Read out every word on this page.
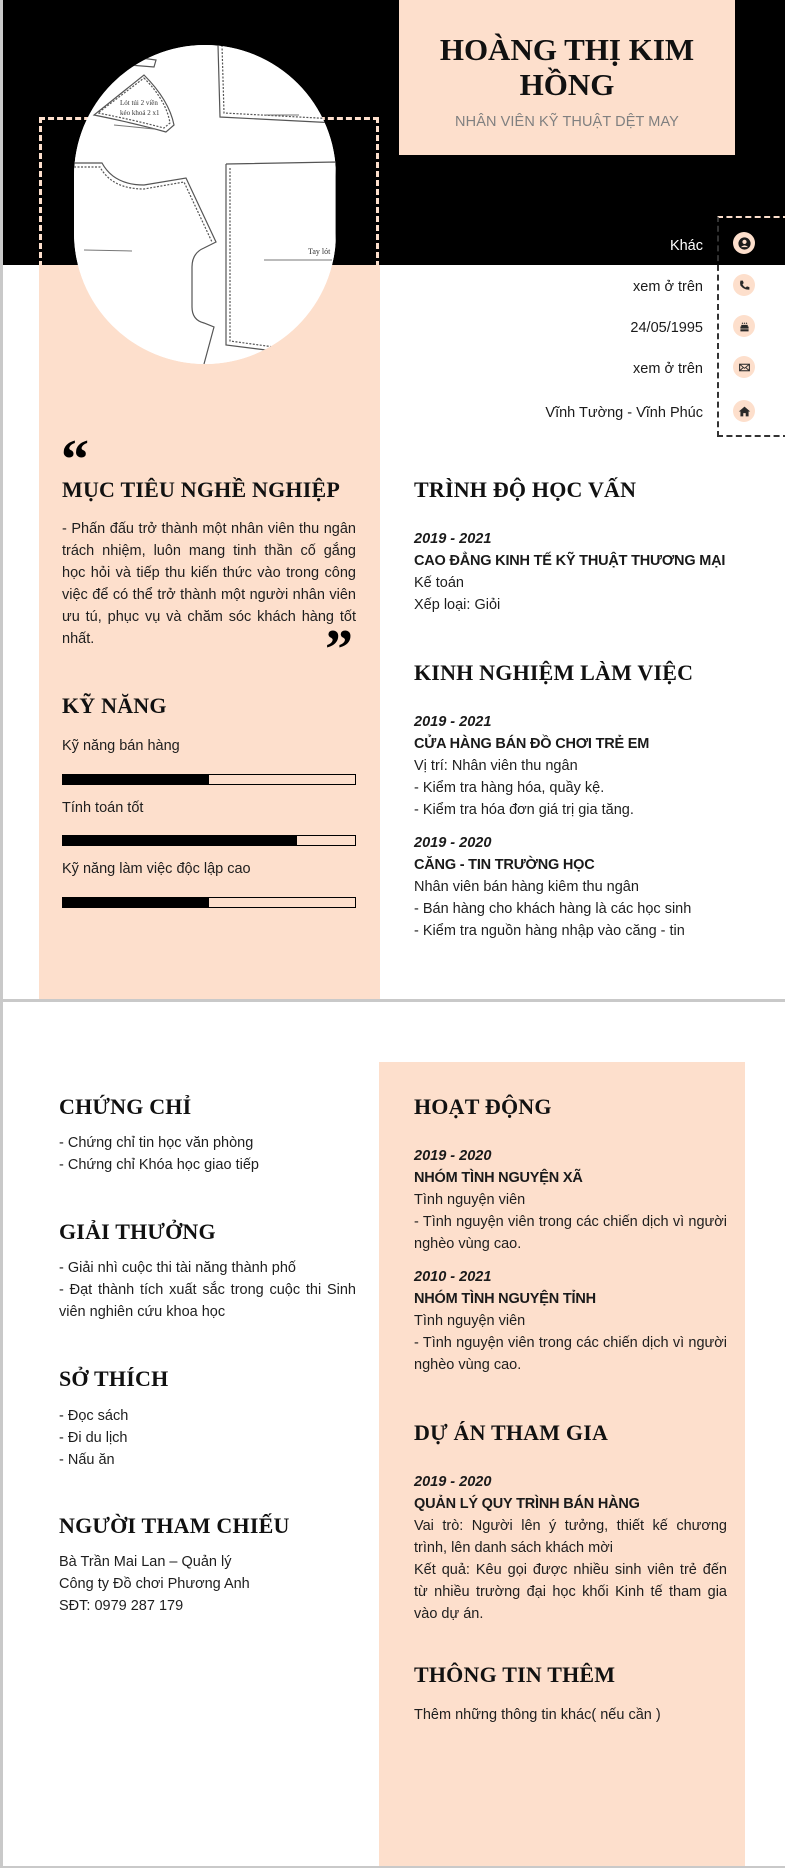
HOÀNG THỊ KIM HỒNG
NHÂN VIÊN KỸ THUẬT DỆT MAY
Lót túi 2 viền
kéo khoá 2 x1
Tay lót	Khác
xem ở trên
24/05/1995
xem ở trên
Vĩnh Tường - Vĩnh Phúc
“
MỤC TIÊU NGHỀ NGHIỆP
- Phấn đấu trở thành một nhân viên thu ngân trách nhiệm, luôn mang tinh thần cố gắng học hỏi và tiếp thu kiến thức vào trong công việc để có thể trở thành một người nhân viên ưu tú, phục vụ và chăm sóc khách hàng tốt nhất.	”
KỸ NĂNG
Kỹ năng bán hàng
Tính toán tốt
Kỹ năng làm việc độc lập cao
TRÌNH ĐỘ HỌC VẤN
2019 - 2021
CAO ĐẲNG KINH TẾ KỸ THUẬT THƯƠNG MẠI
Kế toán
Xếp loại: Giỏi
KINH NGHIỆM LÀM VIỆC
2019 - 2021
CỬA HÀNG BÁN ĐỒ CHƠI TRẺ EM
Vị trí: Nhân viên thu ngân
- Kiểm tra hàng hóa, quầy kệ.
- Kiểm tra hóa đơn giá trị gia tăng.
2019 - 2020
CĂNG - TIN TRƯỜNG HỌC
Nhân viên bán hàng kiêm thu ngân
- Bán hàng cho khách hàng là các học sinh
- Kiểm tra nguồn hàng nhập vào căng - tin
CHỨNG CHỈ
- Chứng chỉ tin học văn phòng
- Chứng chỉ Khóa học giao tiếp
GIẢI THƯỞNG
- Giải nhì cuộc thi tài năng thành phố
- Đạt thành tích xuất sắc trong cuộc thi Sinh viên nghiên cứu khoa học
SỞ THÍCH
- Đọc sách
- Đi du lịch
- Nấu ăn
NGƯỜI THAM CHIẾU
Bà Trần Mai Lan – Quản lý
Công ty Đồ chơi Phương Anh
SĐT: 0979 287 179
HOẠT ĐỘNG
2019 - 2020
NHÓM TÌNH NGUYỆN XÃ
Tình nguyện viên
- Tình nguyện viên trong các chiến dịch vì người nghèo vùng cao.
2010 - 2021
NHÓM TÌNH NGUYỆN TỈNH
Tình nguyện viên
- Tình nguyện viên trong các chiến dịch vì người nghèo vùng cao.
DỰ ÁN THAM GIA
2019 - 2020
QUẢN LÝ QUY TRÌNH BÁN HÀNG
Vai trò: Người lên ý tưởng, thiết kế chương trình, lên danh sách khách mời
Kết quả: Kêu gọi được nhiều sinh viên trẻ đến từ nhiều trường đại học khối Kinh tế tham gia vào dự án.
THÔNG TIN THÊM
Thêm những thông tin khác( nếu cần )
